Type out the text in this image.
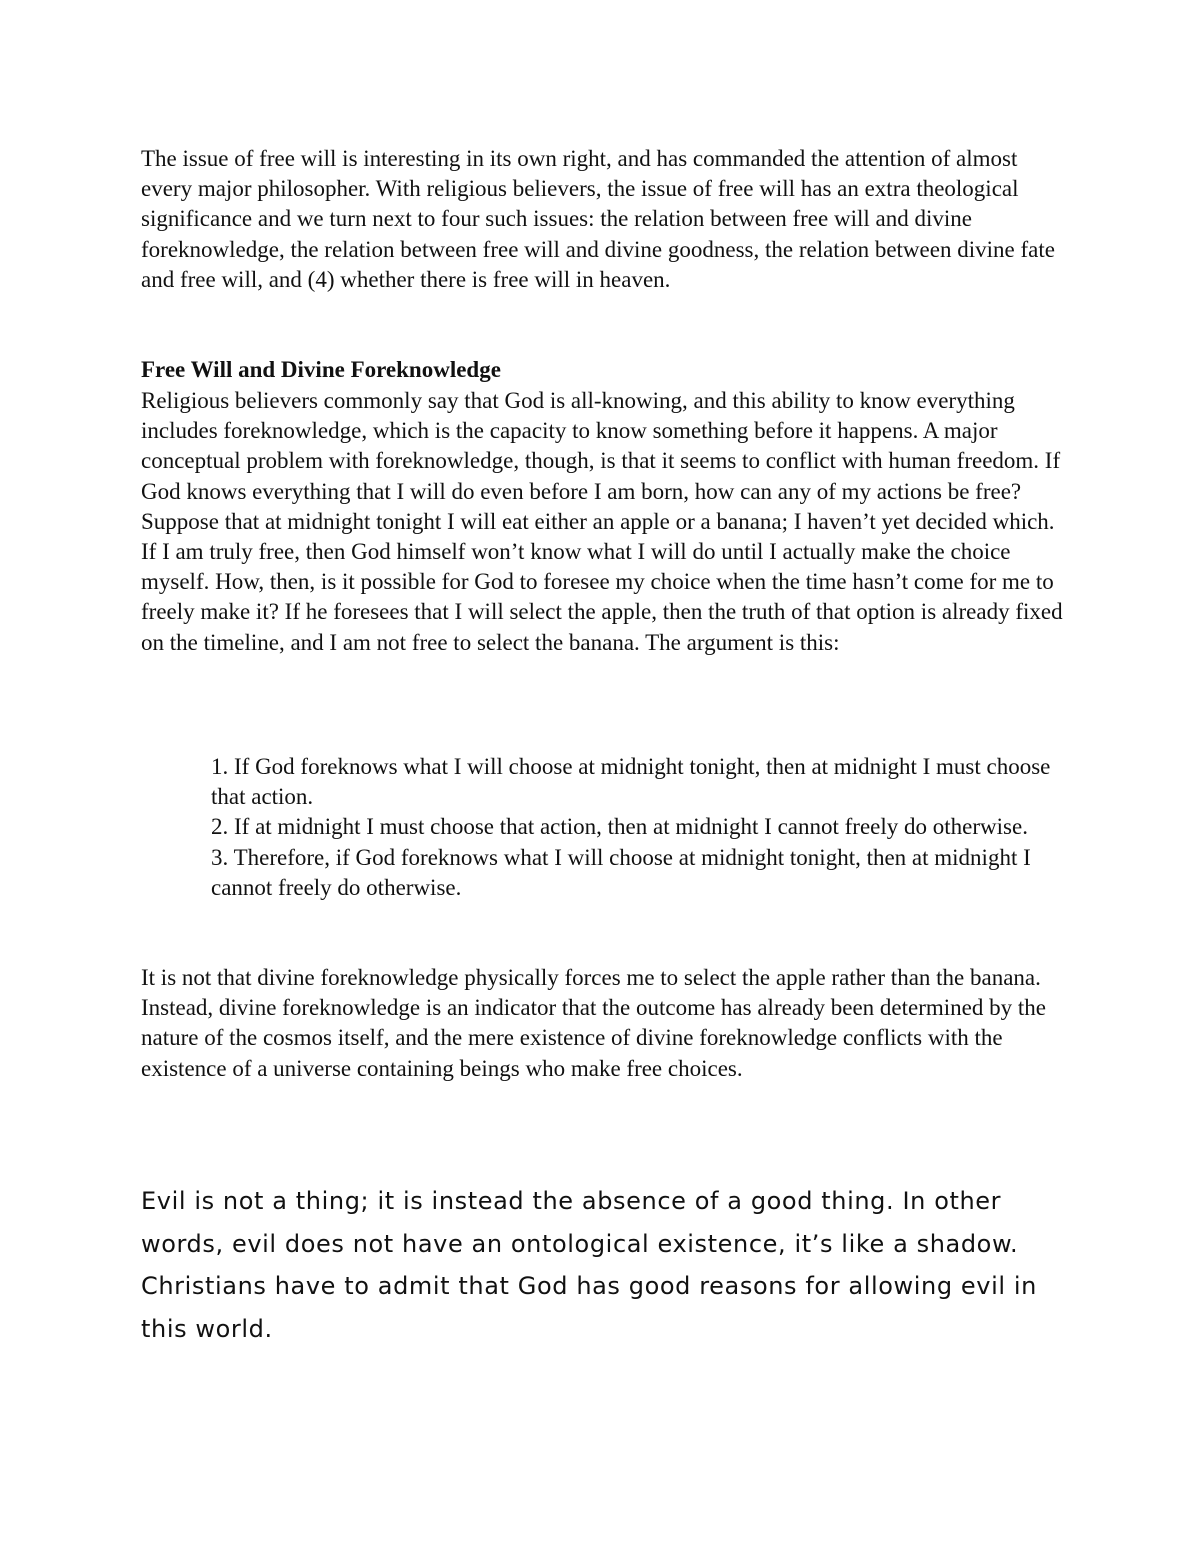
The issue of free will is interesting in its own right, and has commanded the attention of almost every major philosopher. With religious believers, the issue of free will has an extra theological significance and we turn next to four such issues: the relation between free will and divine foreknowledge, the relation between free will and divine goodness, the relation between divine fate and free will, and (4) whether there is free will in heaven.

Free Will and Divine Foreknowledge

Religious believers commonly say that God is all-knowing, and this ability to know everything includes foreknowledge, which is the capacity to know something before it happens. A major conceptual problem with foreknowledge, though, is that it seems to conflict with human freedom. If God knows everything that I will do even before I am born, how can any of my actions be free? Suppose that at midnight tonight I will eat either an apple or a banana; I haven’t yet decided which. If I am truly free, then God himself won’t know what I will do until I actually make the choice myself. How, then, is it possible for God to foresee my choice when the time hasn’t come for me to freely make it? If he foresees that I will select the apple, then the truth of that option is already fixed on the timeline, and I am not free to select the banana. The argument is this:

1. If God foreknows what I will choose at midnight tonight, then at midnight I must choose that action.
2. If at midnight I must choose that action, then at midnight I cannot freely do otherwise.
3. Therefore, if God foreknows what I will choose at midnight tonight, then at midnight I cannot freely do otherwise.

It is not that divine foreknowledge physically forces me to select the apple rather than the banana. Instead, divine foreknowledge is an indicator that the outcome has already been determined by the nature of the cosmos itself, and the mere existence of divine foreknowledge conflicts with the existence of a universe containing beings who make free choices.

Evil is not a thing; it is instead the absence of a good thing. In other words, evil does not have an ontological existence, it’s like a shadow. Christians have to admit that God has good reasons for allowing evil in this world.
